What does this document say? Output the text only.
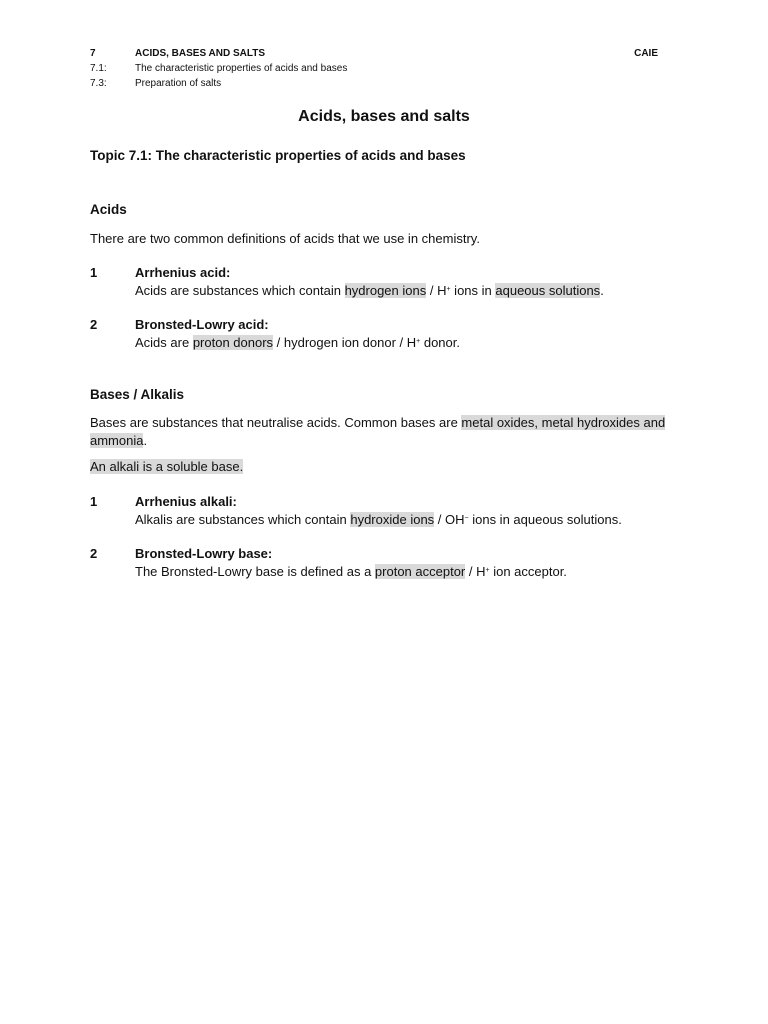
7	ACIDS, BASES AND SALTS	CAIE
7.1:	The characteristic properties of acids and bases
7.3:	Preparation of salts
Acids, bases and salts
Topic 7.1: The characteristic properties of acids and bases
Acids
There are two common definitions of acids that we use in chemistry.
1	Arrhenius acid:
Acids are substances which contain hydrogen ions / H+ ions in aqueous solutions.
2	Bronsted-Lowry acid:
Acids are proton donors / hydrogen ion donor / H+ donor.
Bases / Alkalis
Bases are substances that neutralise acids. Common bases are metal oxides, metal hydroxides and ammonia.
An alkali is a soluble base.
1	Arrhenius alkali:
Alkalis are substances which contain hydroxide ions / OH− ions in aqueous solutions.
2	Bronsted-Lowry base:
The Bronsted-Lowry base is defined as a proton acceptor / H+ ion acceptor.
